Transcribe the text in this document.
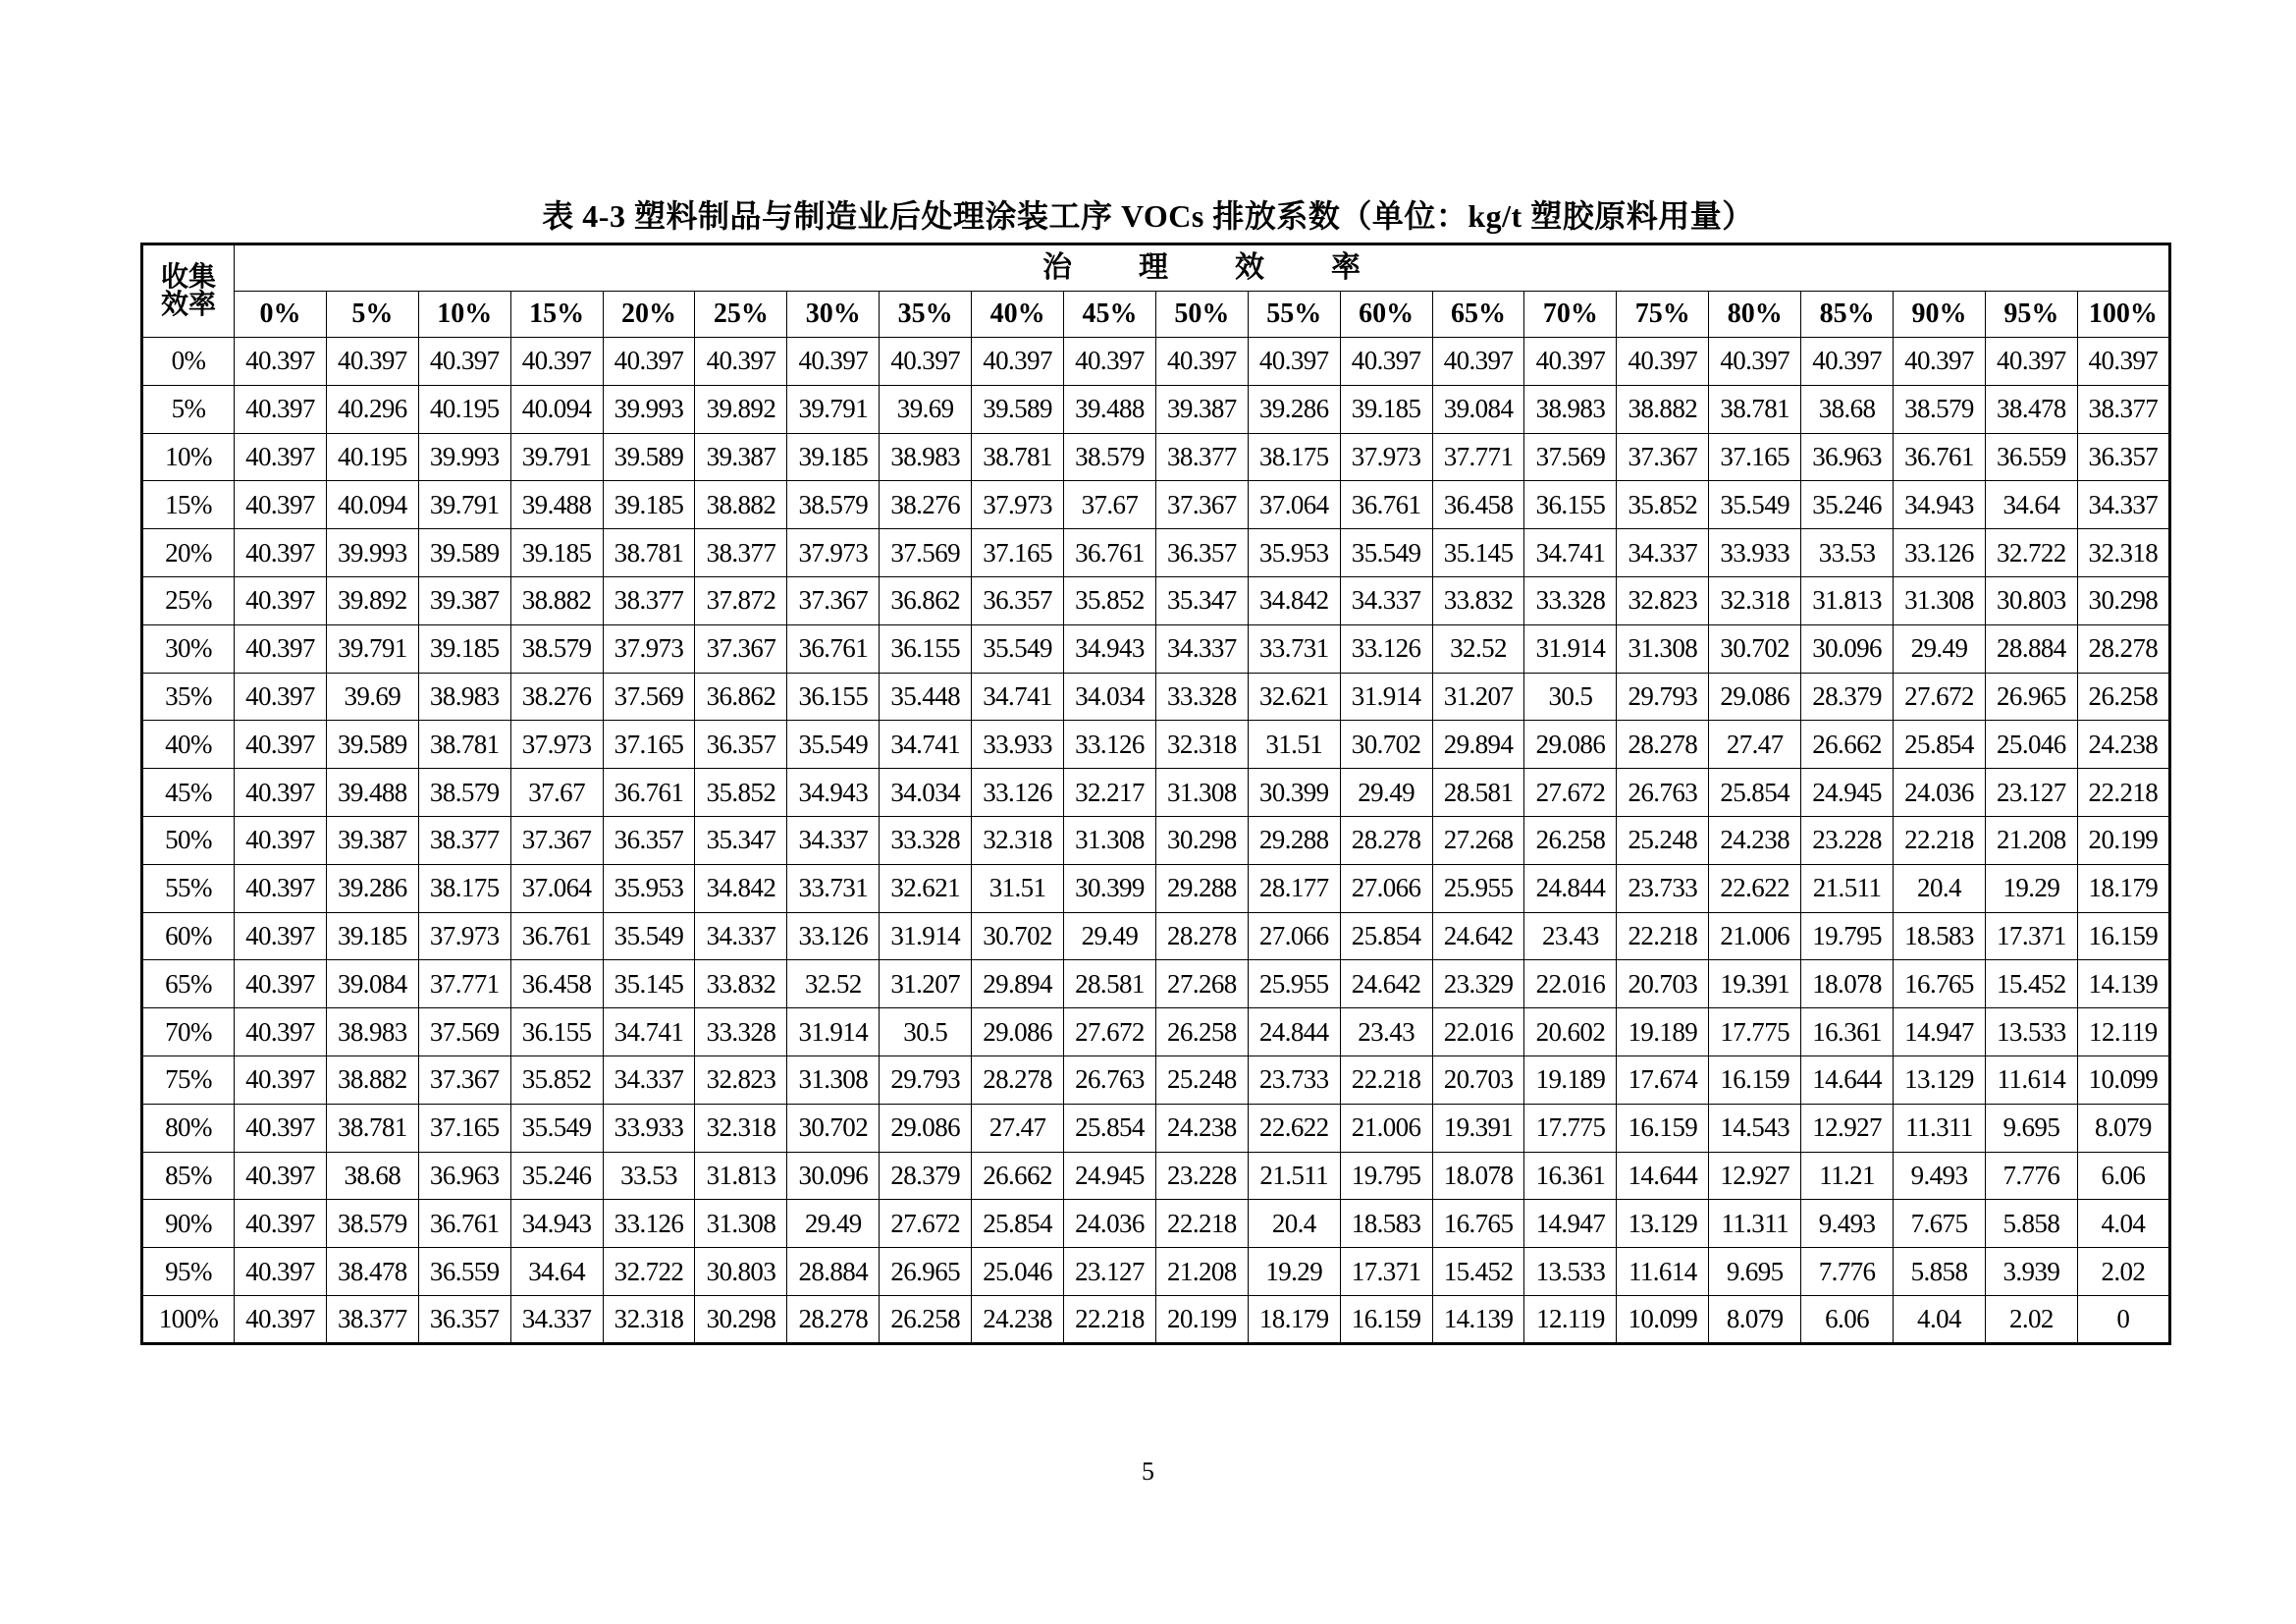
表 4-3 塑料制品与制造业后处理涂装工序 VOCs 排放系数（单位：kg/t 塑胶原料用量）
收集
效率	治 理 效 率																				
	0%	5%	10%	15%	20%	25%	30%	35%	40%	45%	50%	55%	60%	65%	70%	75%	80%	85%	90%	95%	100%
0%	40.397	40.397	40.397	40.397	40.397	40.397	40.397	40.397	40.397	40.397	40.397	40.397	40.397	40.397	40.397	40.397	40.397	40.397	40.397	40.397	40.397
5%	40.397	40.296	40.195	40.094	39.993	39.892	39.791	39.69	39.589	39.488	39.387	39.286	39.185	39.084	38.983	38.882	38.781	38.68	38.579	38.478	38.377
10%	40.397	40.195	39.993	39.791	39.589	39.387	39.185	38.983	38.781	38.579	38.377	38.175	37.973	37.771	37.569	37.367	37.165	36.963	36.761	36.559	36.357
15%	40.397	40.094	39.791	39.488	39.185	38.882	38.579	38.276	37.973	37.67	37.367	37.064	36.761	36.458	36.155	35.852	35.549	35.246	34.943	34.64	34.337
20%	40.397	39.993	39.589	39.185	38.781	38.377	37.973	37.569	37.165	36.761	36.357	35.953	35.549	35.145	34.741	34.337	33.933	33.53	33.126	32.722	32.318
25%	40.397	39.892	39.387	38.882	38.377	37.872	37.367	36.862	36.357	35.852	35.347	34.842	34.337	33.832	33.328	32.823	32.318	31.813	31.308	30.803	30.298
30%	40.397	39.791	39.185	38.579	37.973	37.367	36.761	36.155	35.549	34.943	34.337	33.731	33.126	32.52	31.914	31.308	30.702	30.096	29.49	28.884	28.278
35%	40.397	39.69	38.983	38.276	37.569	36.862	36.155	35.448	34.741	34.034	33.328	32.621	31.914	31.207	30.5	29.793	29.086	28.379	27.672	26.965	26.258
40%	40.397	39.589	38.781	37.973	37.165	36.357	35.549	34.741	33.933	33.126	32.318	31.51	30.702	29.894	29.086	28.278	27.47	26.662	25.854	25.046	24.238
45%	40.397	39.488	38.579	37.67	36.761	35.852	34.943	34.034	33.126	32.217	31.308	30.399	29.49	28.581	27.672	26.763	25.854	24.945	24.036	23.127	22.218
50%	40.397	39.387	38.377	37.367	36.357	35.347	34.337	33.328	32.318	31.308	30.298	29.288	28.278	27.268	26.258	25.248	24.238	23.228	22.218	21.208	20.199
55%	40.397	39.286	38.175	37.064	35.953	34.842	33.731	32.621	31.51	30.399	29.288	28.177	27.066	25.955	24.844	23.733	22.622	21.511	20.4	19.29	18.179
60%	40.397	39.185	37.973	36.761	35.549	34.337	33.126	31.914	30.702	29.49	28.278	27.066	25.854	24.642	23.43	22.218	21.006	19.795	18.583	17.371	16.159
65%	40.397	39.084	37.771	36.458	35.145	33.832	32.52	31.207	29.894	28.581	27.268	25.955	24.642	23.329	22.016	20.703	19.391	18.078	16.765	15.452	14.139
70%	40.397	38.983	37.569	36.155	34.741	33.328	31.914	30.5	29.086	27.672	26.258	24.844	23.43	22.016	20.602	19.189	17.775	16.361	14.947	13.533	12.119
75%	40.397	38.882	37.367	35.852	34.337	32.823	31.308	29.793	28.278	26.763	25.248	23.733	22.218	20.703	19.189	17.674	16.159	14.644	13.129	11.614	10.099
80%	40.397	38.781	37.165	35.549	33.933	32.318	30.702	29.086	27.47	25.854	24.238	22.622	21.006	19.391	17.775	16.159	14.543	12.927	11.311	9.695	8.079
85%	40.397	38.68	36.963	35.246	33.53	31.813	30.096	28.379	26.662	24.945	23.228	21.511	19.795	18.078	16.361	14.644	12.927	11.21	9.493	7.776	6.06
90%	40.397	38.579	36.761	34.943	33.126	31.308	29.49	27.672	25.854	24.036	22.218	20.4	18.583	16.765	14.947	13.129	11.311	9.493	7.675	5.858	4.04
95%	40.397	38.478	36.559	34.64	32.722	30.803	28.884	26.965	25.046	23.127	21.208	19.29	17.371	15.452	13.533	11.614	9.695	7.776	5.858	3.939	2.02
100%	40.397	38.377	36.357	34.337	32.318	30.298	28.278	26.258	24.238	22.218	20.199	18.179	16.159	14.139	12.119	10.099	8.079	6.06	4.04	2.02	0
5
